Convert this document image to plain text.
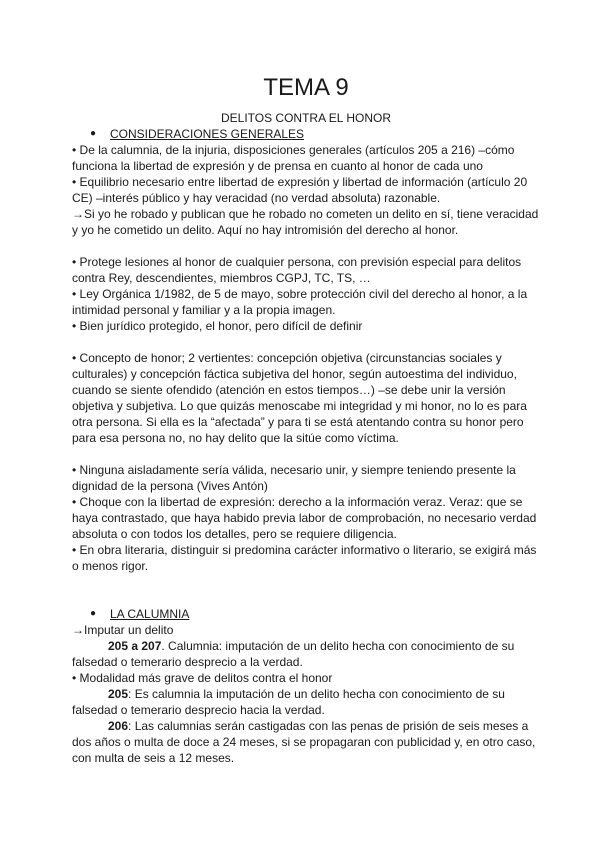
TEMA 9
DELITOS CONTRA EL HONOR
●	CONSIDERACIONES GENERALES

• De la calumnia, de la injuria, disposiciones generales (artículos 205 a 216) –cómo funciona la libertad de expresión y de prensa en cuanto al honor de cada uno

• Equilibrio necesario entre libertad de expresión y libertad de información (artículo 20 CE) –interés público y hay veracidad (no verdad absoluta) razonable.

→Si yo he robado y publican que he robado no cometen un delito en sí, tiene veracidad y yo he cometido un delito. Aquí no hay intromisión del derecho al honor.

• Protege lesiones al honor de cualquier persona, con previsión especial para delitos contra Rey, descendientes, miembros CGPJ, TC, TS, …

• Ley Orgánica 1/1982, de 5 de mayo, sobre protección civil del derecho al honor, a la intimidad personal y familiar y a la propia imagen.

• Bien jurídico protegido, el honor, pero difícil de definir

• Concepto de honor; 2 vertientes: concepción objetiva (circunstancias sociales y culturales) y concepción fáctica subjetiva del honor, según autoestima del individuo, cuando se siente ofendido (atención en estos tiempos…) –se debe unir la versión objetiva y subjetiva. Lo que quizás menoscabe mi integridad y mi honor, no lo es para otra persona. Si ella es la “afectada” y para ti se está atentando contra su honor pero para esa persona no, no hay delito que la sitúe como víctima.

• Ninguna aisladamente sería válida, necesario unir, y siempre teniendo presente la dignidad de la persona (Vives Antón)

• Choque con la libertad de expresión: derecho a la información veraz. Veraz: que se haya contrastado, que haya habido previa labor de comprobación, no necesario verdad absoluta o con todos los detalles, pero se requiere diligencia.

• En obra literaria, distinguir si predomina carácter informativo o literario, se exigirá más o menos rigor.

●	LA CALUMNIA

→Imputar un delito

205 a 207. Calumnia: imputación de un delito hecha con conocimiento de su falsedad o temerario desprecio a la verdad.

• Modalidad más grave de delitos contra el honor

205: Es calumnia la imputación de un delito hecha con conocimiento de su falsedad o temerario desprecio hacia la verdad.

206: Las calumnias serán castigadas con las penas de prisión de seis meses a dos años o multa de doce a 24 meses, si se propagaran con publicidad y, en otro caso, con multa de seis a 12 meses.
